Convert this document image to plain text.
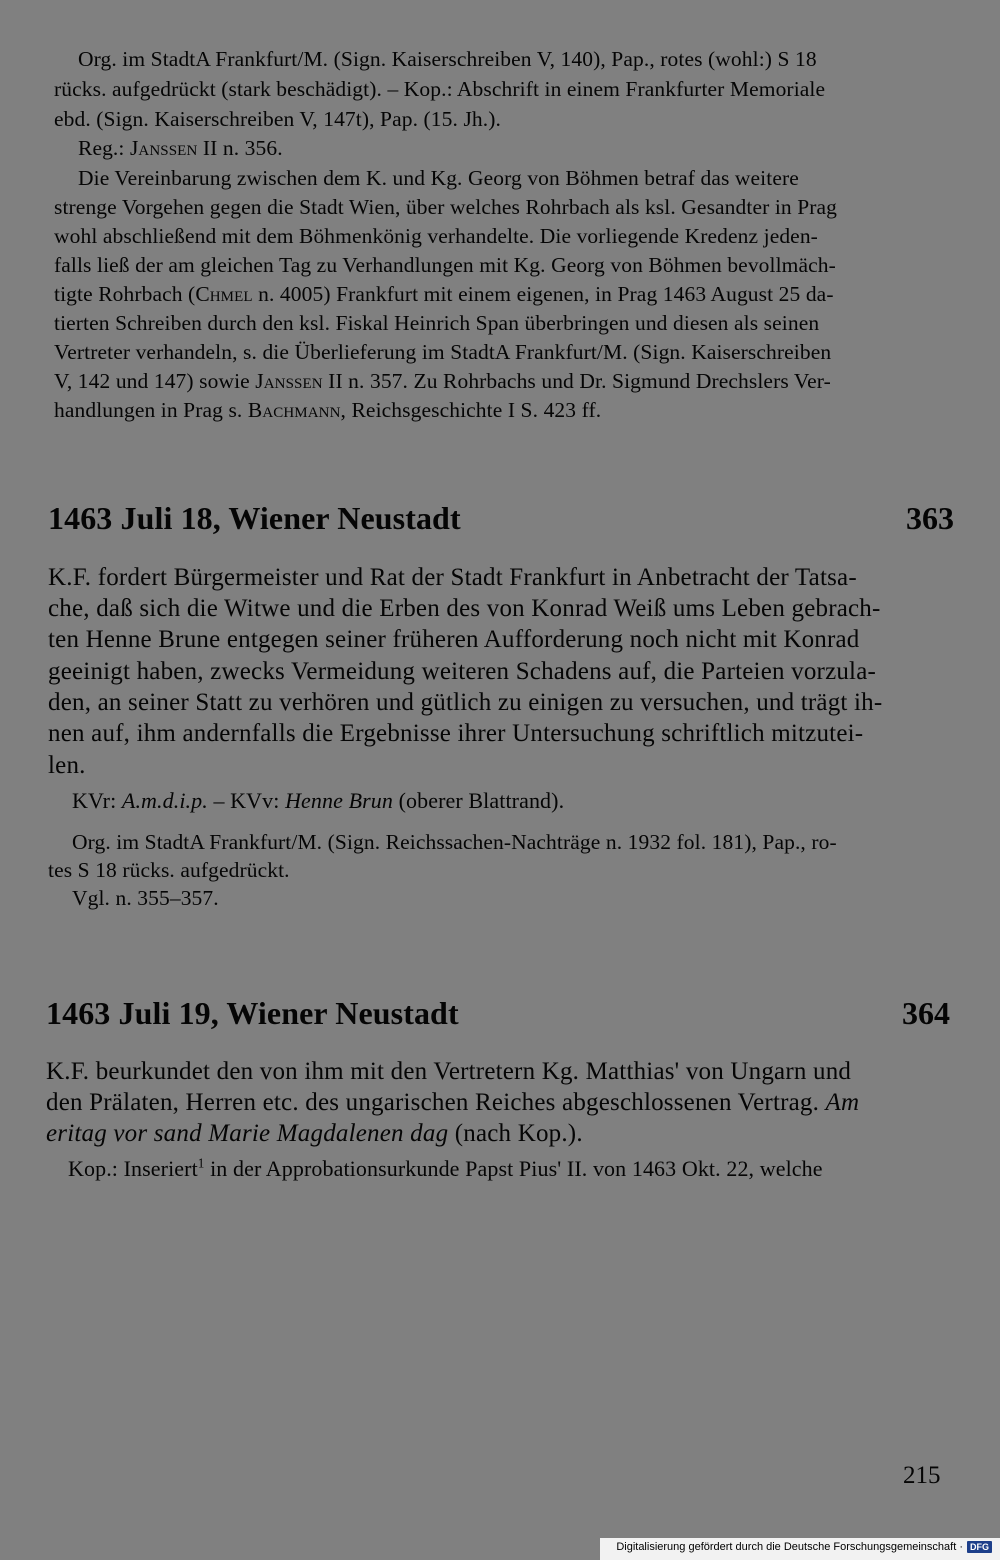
Org. im StadtA Frankfurt/M. (Sign. Kaiserschreiben V, 140), Pap., rotes (wohl:) S 18
rücks. aufgedrückt (stark beschädigt). – Kop.: Abschrift in einem Frankfurter Memoriale
ebd. (Sign. Kaiserschreiben V, 147t), Pap. (15. Jh.).
Reg.: Janssen II n. 356.
Die Vereinbarung zwischen dem K. und Kg. Georg von Böhmen betraf das weitere
strenge Vorgehen gegen die Stadt Wien, über welches Rohrbach als ksl. Gesandter in Prag
wohl abschließend mit dem Böhmenkönig verhandelte. Die vorliegende Kredenz jeden-
falls ließ der am gleichen Tag zu Verhandlungen mit Kg. Georg von Böhmen bevollmäch-
tigte Rohrbach (Chmel n. 4005) Frankfurt mit einem eigenen, in Prag 1463 August 25 da-
tierten Schreiben durch den ksl. Fiskal Heinrich Span überbringen und diesen als seinen
Vertreter verhandeln, s. die Überlieferung im StadtA Frankfurt/M. (Sign. Kaiserschreiben
V, 142 und 147) sowie Janssen II n. 357. Zu Rohrbachs und Dr. Sigmund Drechslers Ver-
handlungen in Prag s. Bachmann, Reichsgeschichte I S. 423 ff.
1463 Juli 18, Wiener Neustadt	363
K.F. fordert Bürgermeister und Rat der Stadt Frankfurt in Anbetracht der Tatsa-
che, daß sich die Witwe und die Erben des von Konrad Weiß ums Leben gebrach-
ten Henne Brune entgegen seiner früheren Aufforderung noch nicht mit Konrad
geeinigt haben, zwecks Vermeidung weiteren Schadens auf, die Parteien vorzula-
den, an seiner Statt zu verhören und gütlich zu einigen zu versuchen, und trägt ih-
nen auf, ihm andernfalls die Ergebnisse ihrer Untersuchung schriftlich mitzutei-
len.
KVr: A.m.d.i.p. – KVv: Henne Brun (oberer Blattrand).
Org. im StadtA Frankfurt/M. (Sign. Reichssachen-Nachträge n. 1932 fol. 181), Pap., ro-
tes S 18 rücks. aufgedrückt.
Vgl. n. 355–357.
1463 Juli 19, Wiener Neustadt	364
K.F. beurkundet den von ihm mit den Vertretern Kg. Matthias' von Ungarn und
den Prälaten, Herren etc. des ungarischen Reiches abgeschlossenen Vertrag. Am
eritag vor sand Marie Magdalenen dag (nach Kop.).
Kop.: Inseriert$^1$ in der Approbationsurkunde Papst Pius' II. von 1463 Okt. 22, welche
215
Digitalisierung gefördert durch die Deutsche Forschungsgemeinschaft · DFG
